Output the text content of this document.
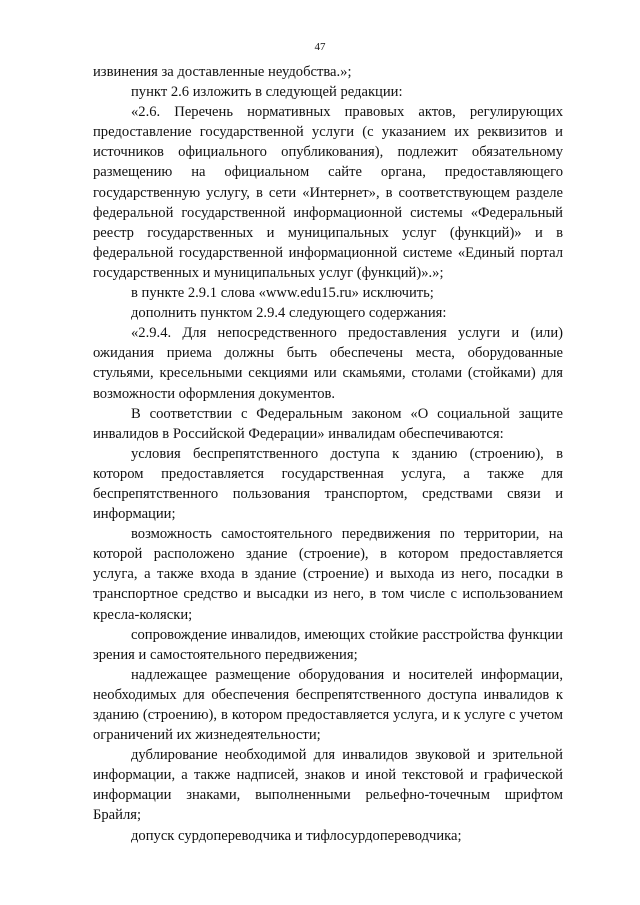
47

извинения за доставленные неудобства.»;

пункт 2.6 изложить в следующей редакции:

«2.6. Перечень нормативных правовых актов, регулирующих предоставление государственной услуги (с указанием их реквизитов и источников официального опубликования), подлежит обязательному размещению на официальном сайте органа, предоставляющего государственную услугу, в сети «Интернет», в соответствующем разделе федеральной государственной информационной системы «Федеральный реестр государственных и муниципальных услуг (функций)» и в федеральной государственной информационной системе «Единый портал государственных и муниципальных услуг (функций)».»;

в пункте 2.9.1 слова «www.edu15.ru» исключить;

дополнить пунктом 2.9.4 следующего содержания:

«2.9.4. Для непосредственного предоставления услуги и (или) ожидания приема должны быть обеспечены места, оборудованные стульями, кресельными секциями или скамьями, столами (стойками) для возможности оформления документов.

В соответствии с Федеральным законом «О социальной защите инвалидов в Российской Федерации» инвалидам обеспечиваются:

условия беспрепятственного доступа к зданию (строению), в котором предоставляется государственная услуга, а также для беспрепятственного пользования транспортом, средствами связи и информации;

возможность самостоятельного передвижения по территории, на которой расположено здание (строение), в котором предоставляется услуга, а также входа в здание (строение) и выхода из него, посадки в транспортное средство и высадки из него, в том числе с использованием кресла-коляски;

сопровождение инвалидов, имеющих стойкие расстройства функции зрения и самостоятельного передвижения;

надлежащее размещение оборудования и носителей информации, необходимых для обеспечения беспрепятственного доступа инвалидов к зданию (строению), в котором предоставляется услуга, и к услуге с учетом ограничений их жизнедеятельности;

дублирование необходимой для инвалидов звуковой и зрительной информации, а также надписей, знаков и иной текстовой и графической информации знаками, выполненными рельефно-точечным шрифтом Брайля;

допуск сурдопереводчика и тифлосурдопереводчика;
